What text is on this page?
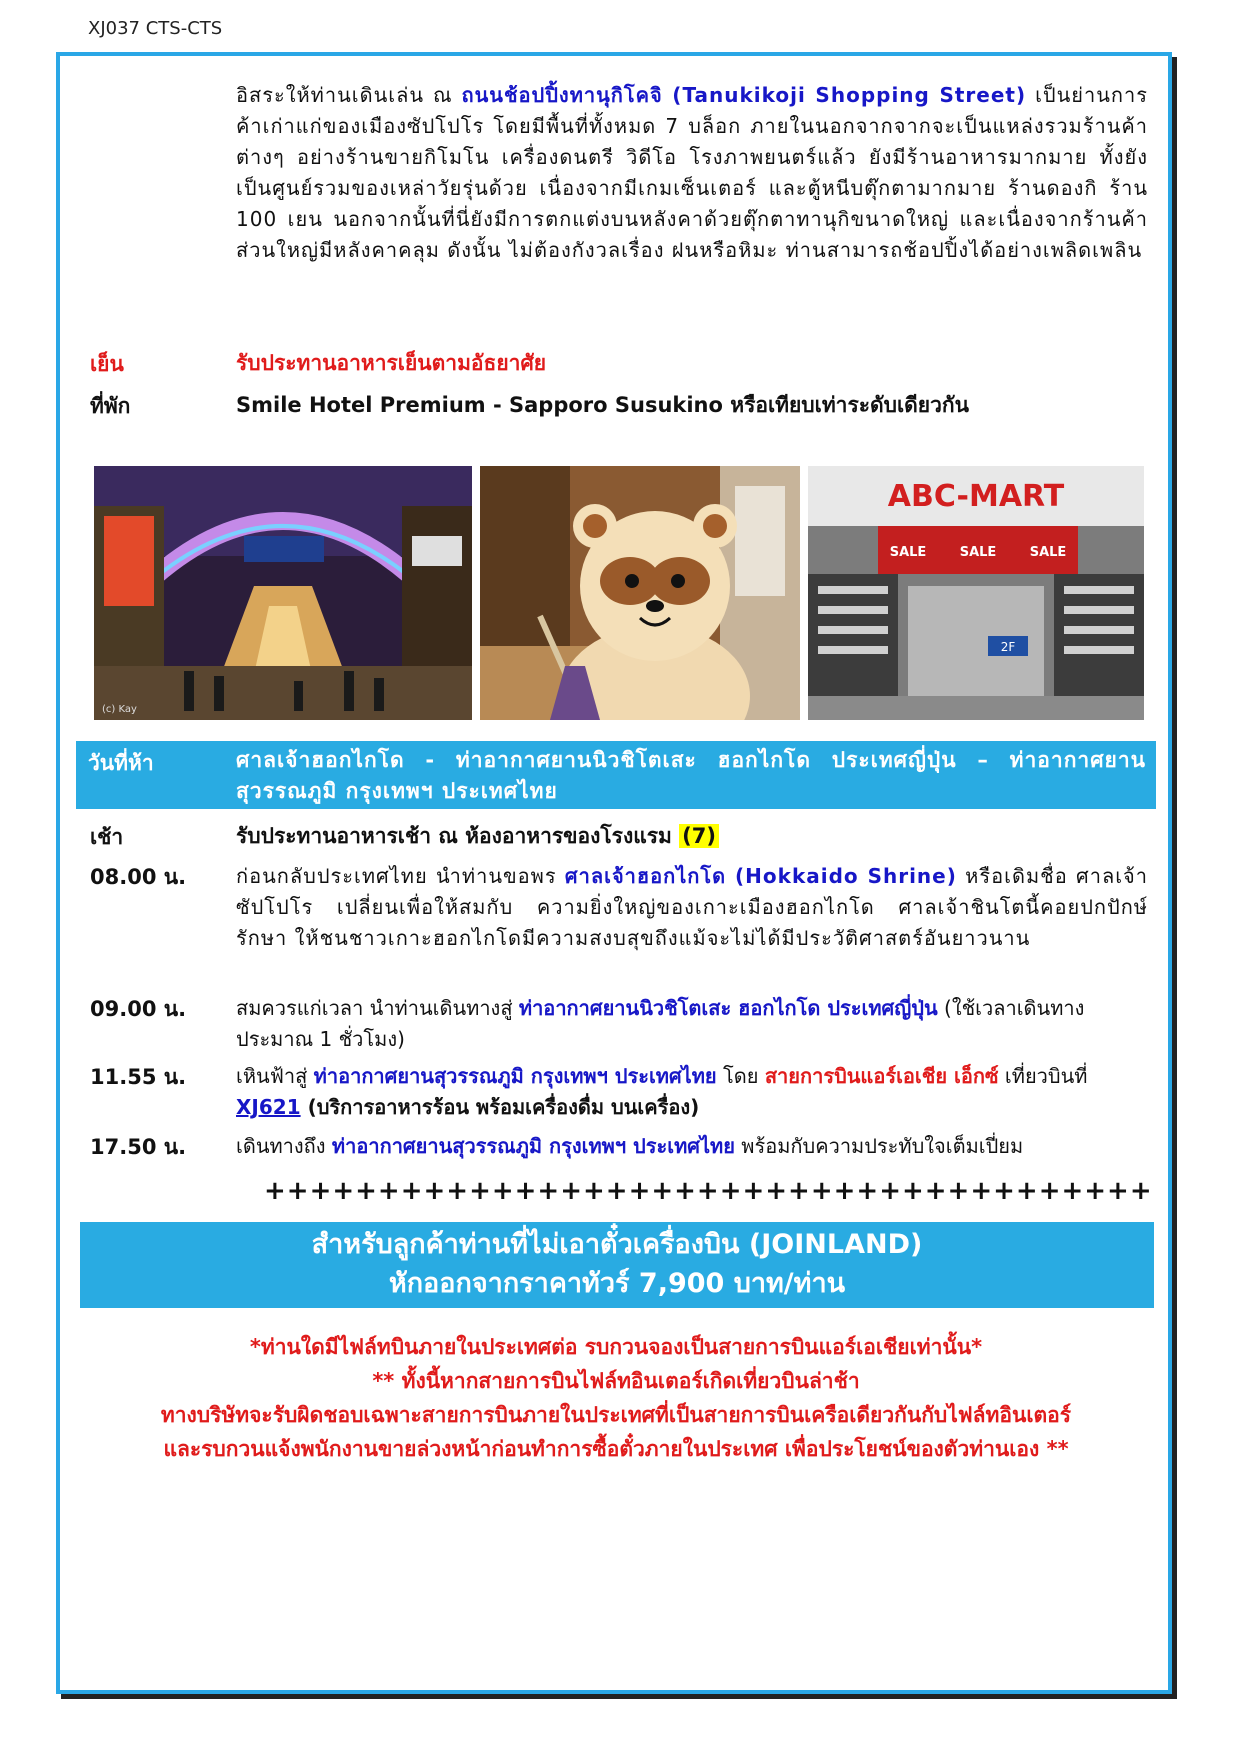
XJ037 CTS-CTS
อิสระให้ท่านเดินเล่น ณ ถนนช้อปปิ้งทานุกิโคจิ (Tanukikoji Shopping Street) เป็นย่านการค้าเก่าแก่ของเมืองซัปโปโร โดยมีพื้นที่ทั้งหมด 7 บล็อก ภายในนอกจากจากจะเป็นแหล่งรวมร้านค้าต่างๆ อย่างร้านขายกิโมโน เครื่องดนตรี วิดีโอ โรงภาพยนตร์แล้ว ยังมีร้านอาหารมากมาย ทั้งยังเป็นศูนย์รวมของเหล่าวัยรุ่นด้วย เนื่องจากมีเกมเซ็นเตอร์ และตู้หนีบตุ๊กตามากมาย ร้านดองกิ ร้าน 100 เยน นอกจากนั้นที่นี่ยังมีการตกแต่งบนหลังคาด้วยตุ๊กตาทานุกิขนาดใหญ่ และเนื่องจากร้านค้าส่วนใหญ่มีหลังคาคลุม ดังนั้น ไม่ต้องกังวลเรื่อง ฝนหรือหิมะ ท่านสามารถช้อปปิ้งได้อย่างเพลิดเพลิน
เย็น	รับประทานอาหารเย็นตามอัธยาศัย
ที่พัก	Smile Hotel Premium - Sapporo Susukino หรือเทียบเท่าระดับเดียวกัน
(c) Kay
ABC-MART
SALE	SALE	SALE
2F
วันที่ห้า	ศาลเจ้าฮอกไกโด - ท่าอากาศยานนิวชิโตเสะ ฮอกไกโด ประเทศญี่ปุ่น – ท่าอากาศยานสุวรรณภูมิ กรุงเทพฯ ประเทศไทย
เช้า	รับประทานอาหารเช้า ณ ห้องอาหารของโรงแรม (7)
08.00 น. ก่อนกลับประเทศไทย นำท่านขอพร ศาลเจ้าฮอกไกโด (Hokkaido Shrine) หรือเดิมชื่อ ศาลเจ้าซัปโปโร เปลี่ยนเพื่อให้สมกับ ความยิ่งใหญ่ของเกาะเมืองฮอกไกโด ศาลเจ้าชินโตนี้คอยปกปักษ์รักษา ให้ชนชาวเกาะฮอกไกโดมีความสงบสุขถึงแม้จะไม่ได้มีประวัติศาสตร์อันยาวนาน
09.00 น. สมควรแก่เวลา นำท่านเดินทางสู่ ท่าอากาศยานนิวชิโตเสะ ฮอกไกโด ประเทศญี่ปุ่น (ใช้เวลาเดินทางประมาณ 1 ชั่วโมง)
11.55 น. เหินฟ้าสู่ ท่าอากาศยานสุวรรณภูมิ กรุงเทพฯ ประเทศไทย โดย สายการบินแอร์เอเชีย เอ็กซ์ เที่ยวบินที่ XJ621 (บริการอาหารร้อน พร้อมเครื่องดื่ม บนเครื่อง)
17.50 น. เดินทางถึง ท่าอากาศยานสุวรรณภูมิ กรุงเทพฯ ประเทศไทย พร้อมกับความประทับใจเต็มเปี่ยม
+++++++++++++++++++++++++++++++++++++++
สำหรับลูกค้าท่านที่ไม่เอาตั๋วเครื่องบิน (JOINLAND)
หักออกจากราคาทัวร์ 7,900 บาท/ท่าน
*ท่านใดมีไฟล์ทบินภายในประเทศต่อ รบกวนจองเป็นสายการบินแอร์เอเชียเท่านั้น*
** ทั้งนี้หากสายการบินไฟล์ทอินเตอร์เกิดเที่ยวบินล่าช้า
ทางบริษัทจะรับผิดชอบเฉพาะสายการบินภายในประเทศที่เป็นสายการบินเครือเดียวกันกับไฟล์ทอินเตอร์
และรบกวนแจ้งพนักงานขายล่วงหน้าก่อนทำการซื้อตั๋วภายในประเทศ เพื่อประโยชน์ของตัวท่านเอง **
